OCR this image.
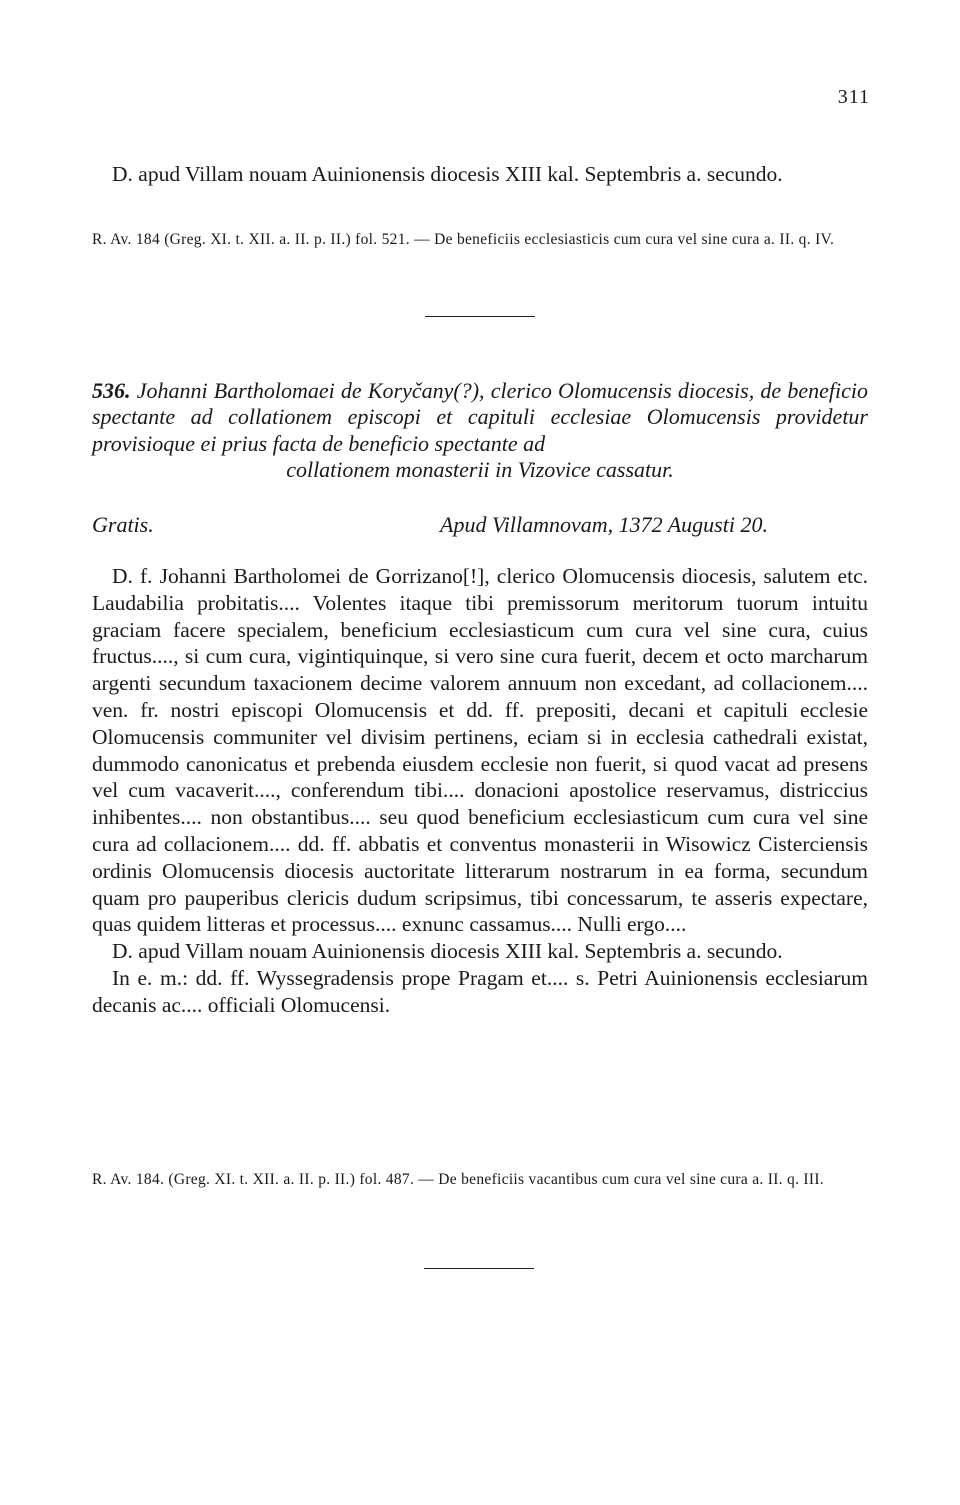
311

D. apud Villam nouam Auinionensis diocesis XIII kal. Septembris a. secundo.

R. Av. 184 (Greg. XI. t. XII. a. II. p. II.) fol. 521. — De beneficiis ecclesiasticis cum cura vel sine cura a. II. q. IV.
536. Johanni Bartholomaei de Koryčany(?), clerico Olomucensis diocesis, de beneficio spectante ad collationem episcopi et capituli ecclesiae Olomucensis providetur provisioque ei prius facta de beneficio spectante ad
collationem monasterii in Vizovice cassatur.
Gratis.	Apud Villamnovam, 1372 Augusti 20.

D. f. Johanni Bartholomei de Gorrizano[!], clerico Olomucensis diocesis, salutem etc. Laudabilia probitatis.... Volentes itaque tibi premissorum meritorum tuorum intuitu graciam facere specialem, beneficium ecclesiasticum cum cura vel sine cura, cuius fructus...., si cum cura, vigintiquinque, si vero sine cura fuerit, decem et octo marcharum argenti secundum taxacionem decime valorem annuum non excedant, ad collacionem.... ven. fr. nostri episcopi Olomucensis et dd. ff. prepositi, decani et capituli ecclesie Olomucensis communiter vel divisim pertinens, eciam si in ecclesia cathedrali existat, dummodo canonicatus et prebenda eiusdem ecclesie non fuerit, si quod vacat ad presens vel cum vacaverit...., conferendum tibi.... donacioni apostolice reservamus, districcius inhibentes.... non obstantibus.... seu quod beneficium ecclesiasticum cum cura vel sine cura ad collacionem.... dd. ff. abbatis et conventus monasterii in Wisowicz Cisterciensis ordinis Olomucensis diocesis auctoritate litterarum nostrarum in ea forma, secundum quam pro pauperibus clericis dudum scripsimus, tibi concessarum, te asseris expectare, quas quidem litteras et processus.... exnunc cassamus.... Nulli ergo....

D. apud Villam nouam Auinionensis diocesis XIII kal. Septembris a. secundo.

In e. m.: dd. ff. Wyssegradensis prope Pragam et.... s. Petri Auinionensis ecclesiarum decanis ac.... officiali Olomucensi.

R. Av. 184. (Greg. XI. t. XII. a. II. p. II.) fol. 487. — De beneficiis vacantibus cum cura vel sine cura a. II. q. III.
